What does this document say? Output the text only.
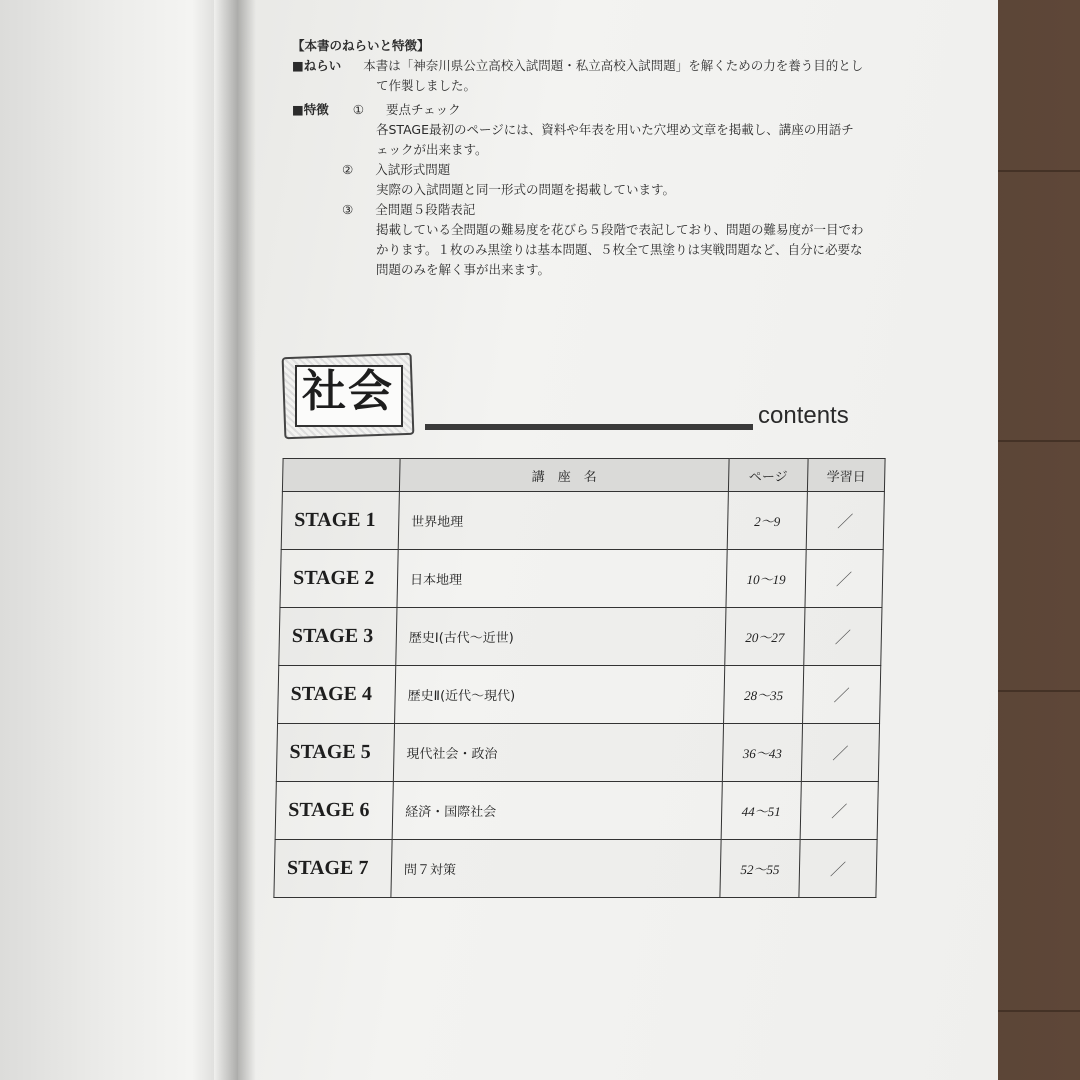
【本書のねらいと特徴】
■ねらい 本書は「神奈川県公立高校入試問題・私立高校入試問題」を解くための力を養う目的とし
て作製しました。
■特徴 ① 要点チェック
各STAGE最初のページには、資料や年表を用いた穴埋め文章を掲載し、講座の用語チ
ェックが出来ます。
② 入試形式問題
実際の入試問題と同一形式の問題を掲載しています。
③ 全問題５段階表記
掲載している全問題の難易度を花びら５段階で表記しており、問題の難易度が一目でわ
かります。１枚のみ黒塗りは基本問題、５枚全て黒塗りは実戦問題など、自分に必要な
問題のみを解く事が出来ます。
社会	contents
	講　座　名	ページ	学習日
STAGE 1	世界地理	2～9	／
STAGE 2	日本地理	10～19	／
STAGE 3	歴史Ⅰ(古代～近世)	20～27	／
STAGE 4	歴史Ⅱ(近代～現代)	28～35	／
STAGE 5	現代社会・政治	36～43	／
STAGE 6	経済・国際社会	44～51	／
STAGE 7	問７対策	52～55	／
